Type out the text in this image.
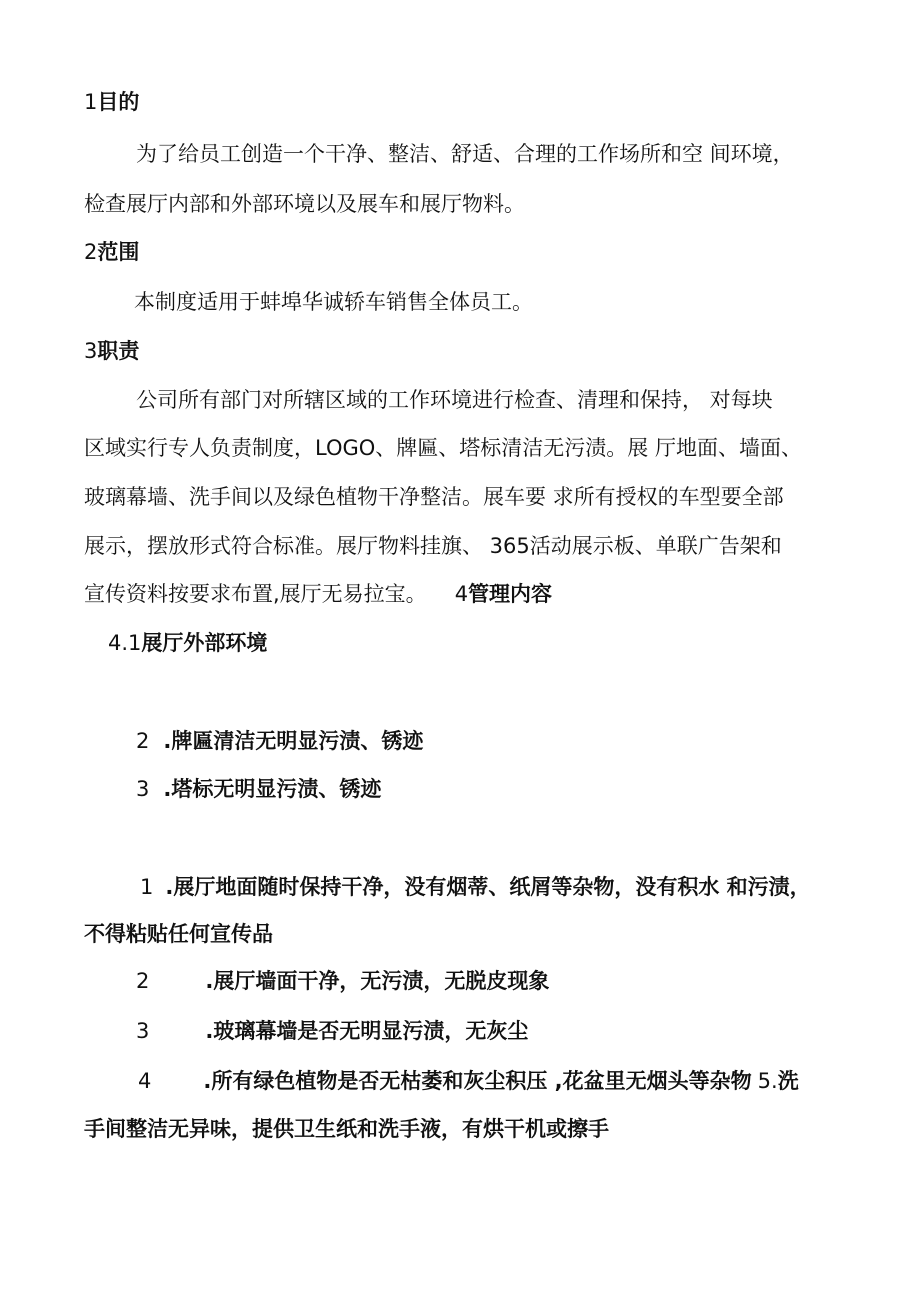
1目的
为了给员工创造一个干净、整洁、舒适、合理的工作场所和空 间环境，
检查展厅内部和外部环境以及展车和展厅物料。
2范围
本制度适用于蚌埠华诚轿车销售全体员工。
3职责
公司所有部门对所辖区域的工作环境进行检查、清理和保持， 对每块
区域实行专人负责制度，LOGO、牌匾、塔标清洁无污渍。展 厅地面、墙面、
玻璃幕墙、洗手间以及绿色植物干净整洁。展车要 求所有授权的车型要全部
展示，摆放形式符合标准。展厅物料挂旗、 365活动展示板、单联广告架和
宣传资料按要求布置,展厅无易拉宝。 4管理内容
4.1展厅外部环境
2 .牌匾清洁无明显污渍、锈迹
3 .塔标无明显污渍、锈迹
1 .展厅地面随时保持干净，没有烟蒂、纸屑等杂物，没有积水 和污渍，
不得粘贴任何宣传品
2	.展厅墙面干净，无污渍，无脱皮现象
3	.玻璃幕墙是否无明显污渍，无灰尘
4 .所有绿色植物是否无枯萎和灰尘积压 ,花盆里无烟头等杂物 5.洗
手间整洁无异味，提供卫生纸和洗手液，有烘干机或擦手
